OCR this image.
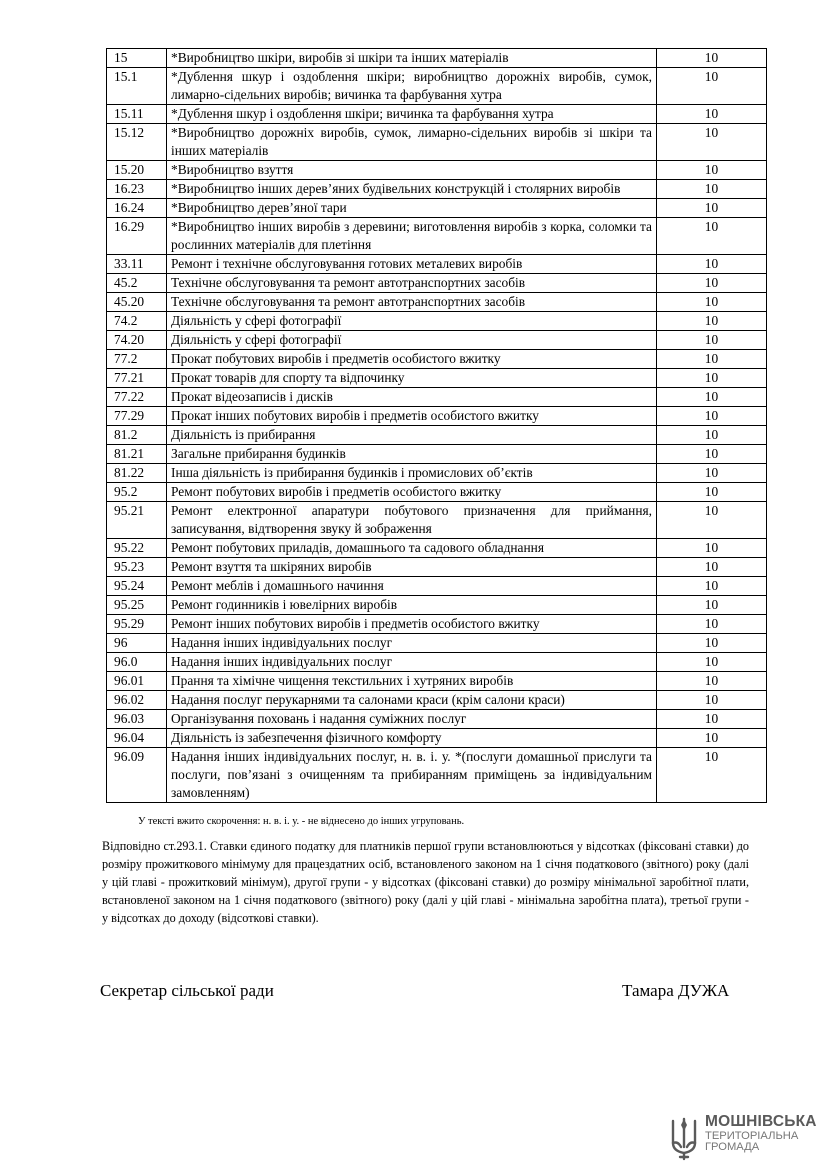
15	*Виробництво шкіри, виробів зі шкіри та інших матеріалів	10
15.1	*Дублення шкур і оздоблення шкіри; виробництво дорожніх виробів, сумок, лимарно-сідельних виробів; вичинка та фарбування хутра	10
15.11	*Дублення шкур і оздоблення шкіри; вичинка та фарбування хутра	10
15.12	*Виробництво дорожніх виробів, сумок, лимарно-сідельних виробів зі шкіри та інших матеріалів	10
15.20	*Виробництво взуття	10
16.23	*Виробництво інших дерев’яних будівельних конструкцій і столярних виробів	10
16.24	*Виробництво дерев’яної тари	10
16.29	*Виробництво інших виробів з деревини; виготовлення виробів з корка, соломки та рослинних матеріалів для плетіння	10
33.11	Ремонт і технічне обслуговування готових металевих виробів	10
45.2	Технічне обслуговування та ремонт автотранспортних засобів	10
45.20	Технічне обслуговування та ремонт автотранспортних засобів	10
74.2	Діяльність у сфері фотографії	10
74.20	Діяльність у сфері фотографії	10
77.2	Прокат побутових виробів і предметів особистого вжитку	10
77.21	Прокат товарів для спорту та відпочинку	10
77.22	Прокат відеозаписів і дисків	10
77.29	Прокат інших побутових виробів і предметів особистого вжитку	10
81.2	Діяльність із прибирання	10
81.21	Загальне прибирання будинків	10
81.22	Інша діяльність із прибирання будинків і промислових об’єктів	10
95.2	Ремонт побутових виробів і предметів особистого вжитку	10
95.21	Ремонт електронної апаратури побутового призначення для приймання, записування, відтворення звуку й зображення	10
95.22	Ремонт побутових приладів, домашнього та садового обладнання	10
95.23	Ремонт взуття та шкіряних виробів	10
95.24	Ремонт меблів і домашнього начиння	10
95.25	Ремонт годинників і ювелірних виробів	10
95.29	Ремонт інших побутових виробів і предметів особистого вжитку	10
96	Надання інших індивідуальних послуг	10
96.0	Надання інших індивідуальних послуг	10
96.01	Прання та хімічне чищення текстильних і хутряних виробів	10
96.02	Надання послуг перукарнями та салонами краси (крім салони краси)	10
96.03	Організування поховань і надання суміжних послуг	10
96.04	Діяльність із забезпечення фізичного комфорту	10
96.09	Надання інших індивідуальних послуг, н. в. і. у. *(послуги домашньої прислуги та послуги, пов’язані з очищенням та прибиранням приміщень за індивідуальним замовленням)	10
У тексті вжито скорочення: н. в. і. у. - не віднесено до інших угруповань.
Відповідно ст.293.1. Ставки єдиного податку для платників першої групи встановлюються у відсотках (фіксовані ставки) до розміру прожиткового мінімуму для працездатних осіб, встановленого законом на 1 січня податкового (звітного) року (далі у цій главі - прожитковий мінімум), другої групи - у відсотках (фіксовані ставки) до розміру мінімальної заробітної плати, встановленої законом на 1 січня податкового (звітного) року (далі у цій главі - мінімальна заробітна плата), третьої групи - у відсотках до доходу (відсоткові ставки).
Секретар сільської ради	Тамара ДУЖА
МОШНІВСЬКА
ТЕРИТОРІАЛЬНА
ГРОМАДА
